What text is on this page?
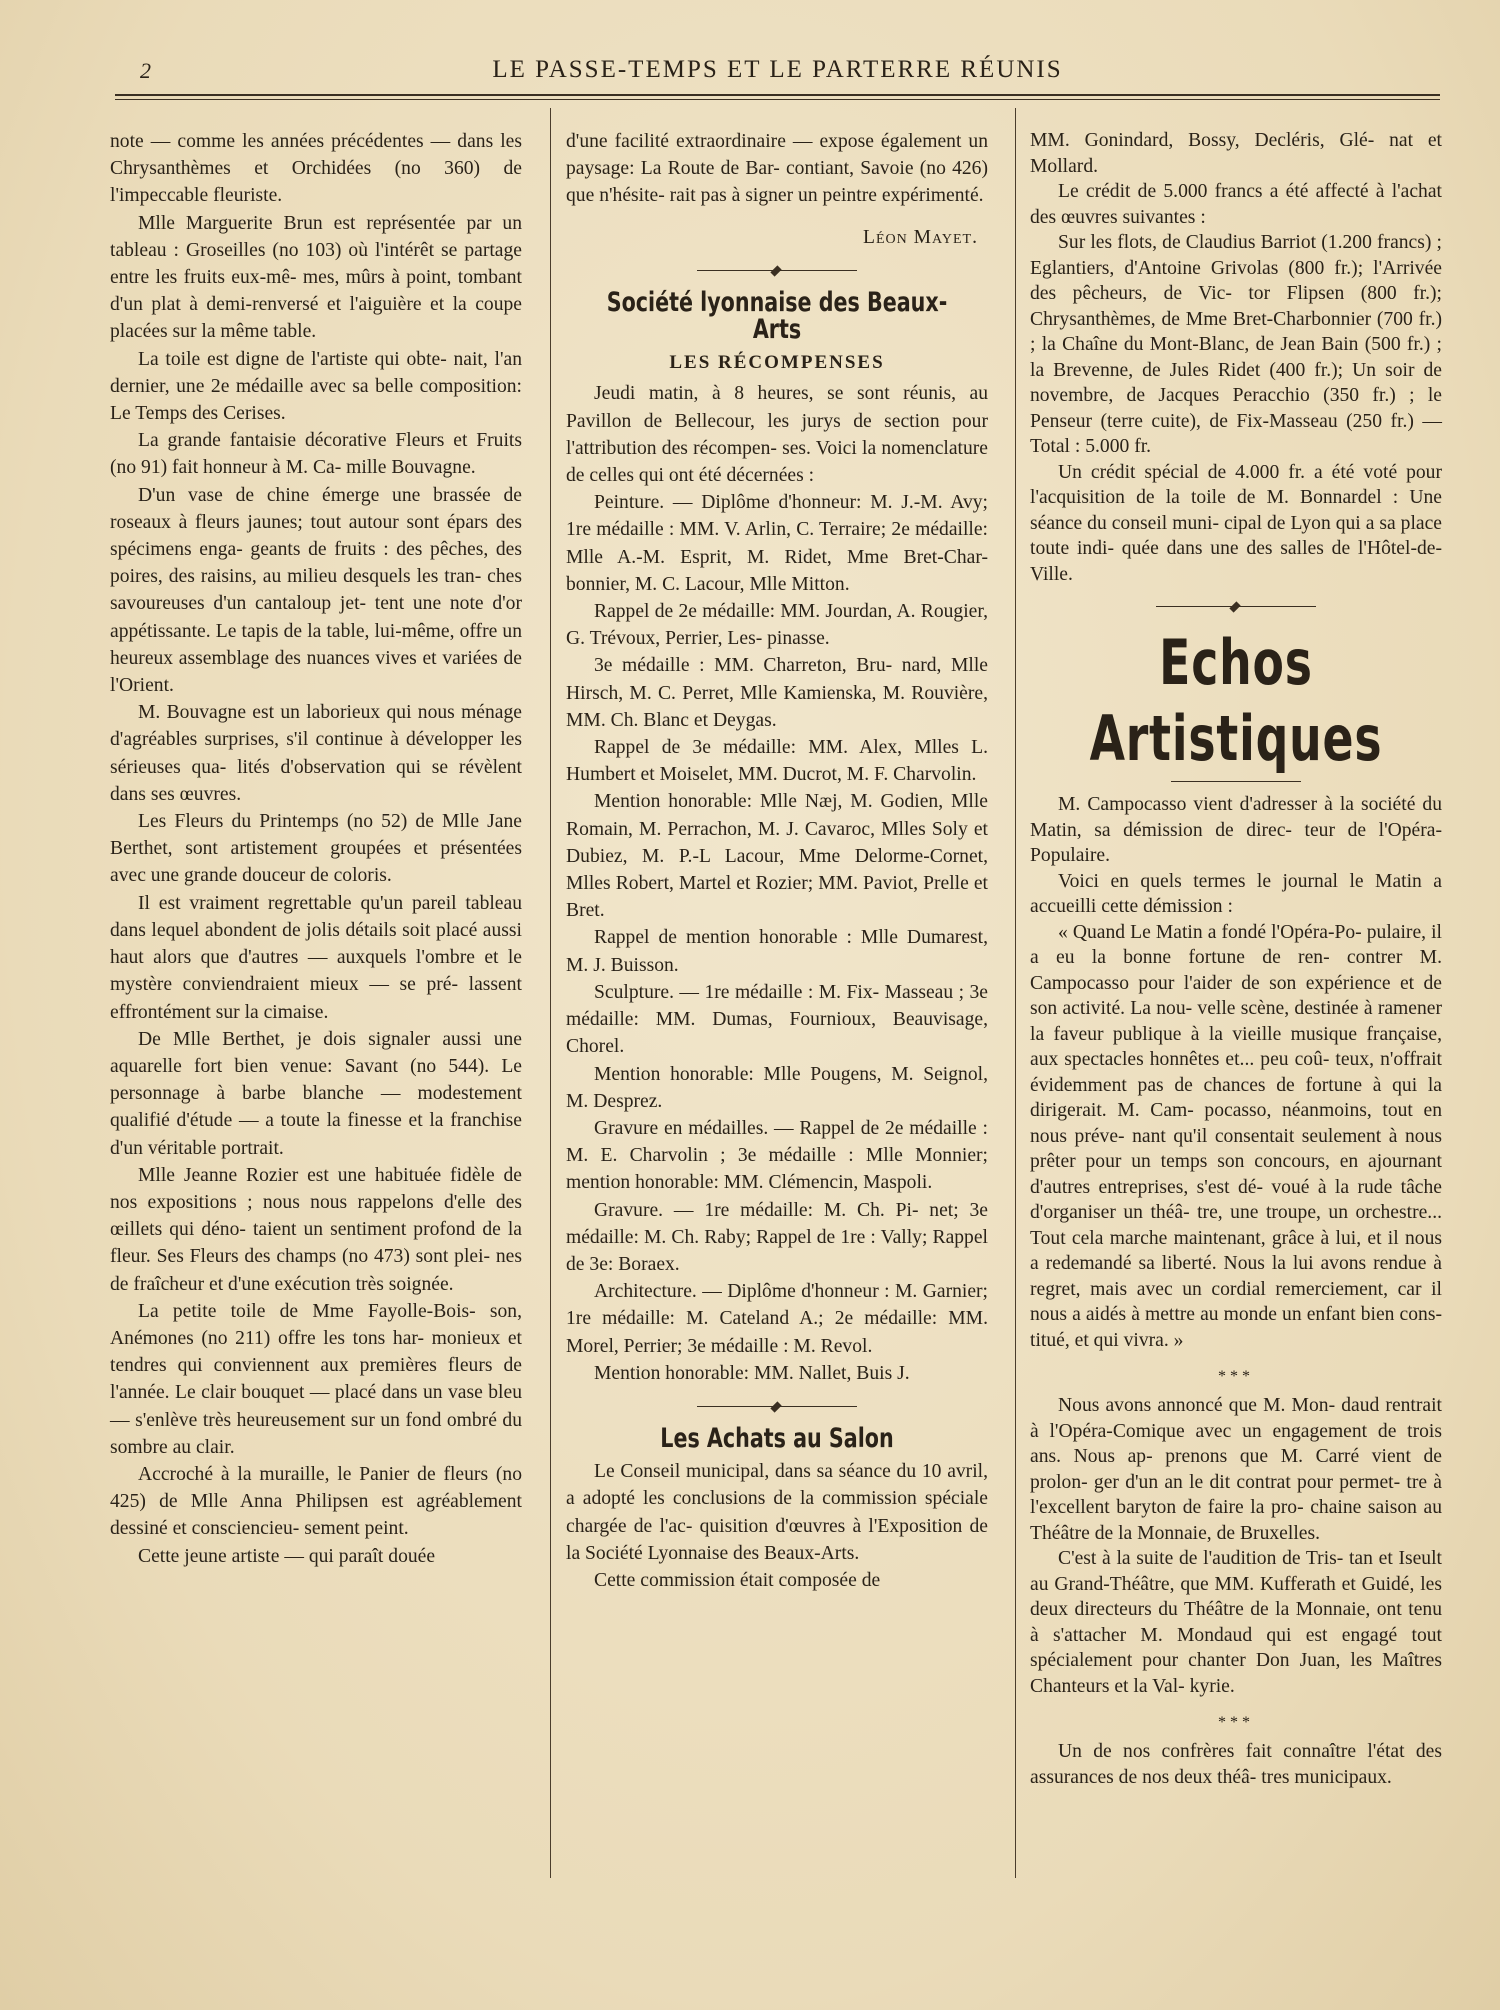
2	LE PASSE-TEMPS ET LE PARTERRE RÉUNIS

note — comme les années précédentes — dans les Chrysanthèmes et Orchidées (no 360) de l'impeccable fleuriste.

Mlle Marguerite Brun est représentée par un tableau : Groseilles (no 103) où l'intérêt se partage entre les fruits eux-mê- mes, mûrs à point, tombant d'un plat à demi-renversé et l'aiguière et la coupe placées sur la même table.

La toile est digne de l'artiste qui obte- nait, l'an dernier, une 2e médaille avec sa belle composition: Le Temps des Cerises.

La grande fantaisie décorative Fleurs et Fruits (no 91) fait honneur à M. Ca- mille Bouvagne.

D'un vase de chine émerge une brassée de roseaux à fleurs jaunes; tout autour sont épars des spécimens enga- geants de fruits : des pêches, des poires, des raisins, au milieu desquels les tran- ches savoureuses d'un cantaloup jet- tent une note d'or appétissante. Le tapis de la table, lui-même, offre un heureux assemblage des nuances vives et variées de l'Orient.

M. Bouvagne est un laborieux qui nous ménage d'agréables surprises, s'il continue à développer les sérieuses qua- lités d'observation qui se révèlent dans ses œuvres.

Les Fleurs du Printemps (no 52) de Mlle Jane Berthet, sont artistement groupées et présentées avec une grande douceur de coloris.

Il est vraiment regrettable qu'un pareil tableau dans lequel abondent de jolis détails soit placé aussi haut alors que d'autres — auxquels l'ombre et le mystère conviendraient mieux — se pré- lassent effrontément sur la cimaise.

De Mlle Berthet, je dois signaler aussi une aquarelle fort bien venue: Savant (no 544). Le personnage à barbe blanche — modestement qualifié d'étude — a toute la finesse et la franchise d'un véritable portrait.

Mlle Jeanne Rozier est une habituée fidèle de nos expositions ; nous nous rappelons d'elle des œillets qui déno- taient un sentiment profond de la fleur. Ses Fleurs des champs (no 473) sont plei- nes de fraîcheur et d'une exécution très soignée.

La petite toile de Mme Fayolle-Bois- son, Anémones (no 211) offre les tons har- monieux et tendres qui conviennent aux premières fleurs de l'année. Le clair bouquet — placé dans un vase bleu — s'enlève très heureusement sur un fond ombré du sombre au clair.

Accroché à la muraille, le Panier de fleurs (no 425) de Mlle Anna Philipsen est agréablement dessiné et consciencieu- sement peint.

Cette jeune artiste — qui paraît douée

d'une facilité extraordinaire — expose également un paysage: La Route de Bar- contiant, Savoie (no 426) que n'hésite- rait pas à signer un peintre expérimenté.

Léon Mayet.

Société lyonnaise des Beaux-Arts
LES RÉCOMPENSES

Jeudi matin, à 8 heures, se sont réunis, au Pavillon de Bellecour, les jurys de section pour l'attribution des récompen- ses. Voici la nomenclature de celles qui ont été décernées :

Peinture. — Diplôme d'honneur: M. J.-M. Avy; 1re médaille : MM. V. Arlin, C. Terraire; 2e médaille: Mlle A.-M. Esprit, M. Ridet, Mme Bret-Char- bonnier, M. C. Lacour, Mlle Mitton.

Rappel de 2e médaille: MM. Jourdan, A. Rougier, G. Trévoux, Perrier, Les- pinasse.

3e médaille : MM. Charreton, Bru- nard, Mlle Hirsch, M. C. Perret, Mlle Kamienska, M. Rouvière, MM. Ch. Blanc et Deygas.

Rappel de 3e médaille: MM. Alex, Mlles L. Humbert et Moiselet, MM. Ducrot, M. F. Charvolin.

Mention honorable: Mlle Næj, M. Godien, Mlle Romain, M. Perrachon, M. J. Cavaroc, Mlles Soly et Dubiez, M. P.-L Lacour, Mme Delorme-Cornet, Mlles Robert, Martel et Rozier; MM. Paviot, Prelle et Bret.

Rappel de mention honorable : Mlle Dumarest, M. J. Buisson.

Sculpture. — 1re médaille : M. Fix- Masseau ; 3e médaille: MM. Dumas, Fournioux, Beauvisage, Chorel.

Mention honorable: Mlle Pougens, M. Seignol, M. Desprez.

Gravure en médailles. — Rappel de 2e médaille : M. E. Charvolin ; 3e médaille : Mlle Monnier; mention honorable: MM. Clémencin, Maspoli.

Gravure. — 1re médaille: M. Ch. Pi- net; 3e médaille: M. Ch. Raby; Rappel de 1re : Vally; Rappel de 3e: Boraex.

Architecture. — Diplôme d'honneur : M. Garnier; 1re médaille: M. Cateland A.; 2e médaille: MM. Morel, Perrier; 3e médaille : M. Revol.

Mention honorable: MM. Nallet, Buis J.

Les Achats au Salon

Le Conseil municipal, dans sa séance du 10 avril, a adopté les conclusions de la commission spéciale chargée de l'ac- quisition d'œuvres à l'Exposition de la Société Lyonnaise des Beaux-Arts.

Cette commission était composée de

MM. Gonindard, Bossy, Decléris, Glé- nat et Mollard.

Le crédit de 5.000 francs a été affecté à l'achat des œuvres suivantes :

Sur les flots, de Claudius Barriot (1.200 francs) ; Eglantiers, d'Antoine Grivolas (800 fr.); l'Arrivée des pêcheurs, de Vic- tor Flipsen (800 fr.); Chrysanthèmes, de Mme Bret-Charbonnier (700 fr.) ; la Chaîne du Mont-Blanc, de Jean Bain (500 fr.) ; la Brevenne, de Jules Ridet (400 fr.); Un soir de novembre, de Jacques Peracchio (350 fr.) ; le Penseur (terre cuite), de Fix-Masseau (250 fr.) — Total : 5.000 fr.

Un crédit spécial de 4.000 fr. a été voté pour l'acquisition de la toile de M. Bonnardel : Une séance du conseil muni- cipal de Lyon qui a sa place toute indi- quée dans une des salles de l'Hôtel-de- Ville.

Echos Artistiques

M. Campocasso vient d'adresser à la société du Matin, sa démission de direc- teur de l'Opéra-Populaire.

Voici en quels termes le journal le Matin a accueilli cette démission :

« Quand Le Matin a fondé l'Opéra-Po- pulaire, il a eu la bonne fortune de ren- contrer M. Campocasso pour l'aider de son expérience et de son activité. La nou- velle scène, destinée à ramener la faveur publique à la vieille musique française, aux spectacles honnêtes et... peu coû- teux, n'offrait évidemment pas de chances de fortune à qui la dirigerait. M. Cam- pocasso, néanmoins, tout en nous préve- nant qu'il consentait seulement à nous prêter pour un temps son concours, en ajournant d'autres entreprises, s'est dé- voué à la rude tâche d'organiser un théâ- tre, une troupe, un orchestre... Tout cela marche maintenant, grâce à lui, et il nous a redemandé sa liberté. Nous la lui avons rendue à regret, mais avec un cordial remerciement, car il nous a aidés à mettre au monde un enfant bien cons- titué, et qui vivra. »

***

Nous avons annoncé que M. Mon- daud rentrait à l'Opéra-Comique avec un engagement de trois ans. Nous ap- prenons que M. Carré vient de prolon- ger d'un an le dit contrat pour permet- tre à l'excellent baryton de faire la pro- chaine saison au Théâtre de la Monnaie, de Bruxelles.

C'est à la suite de l'audition de Tris- tan et Iseult au Grand-Théâtre, que MM. Kufferath et Guidé, les deux directeurs du Théâtre de la Monnaie, ont tenu à s'attacher M. Mondaud qui est engagé tout spécialement pour chanter Don Juan, les Maîtres Chanteurs et la Val- kyrie.

***

Un de nos confrères fait connaître l'état des assurances de nos deux théâ- tres municipaux.
